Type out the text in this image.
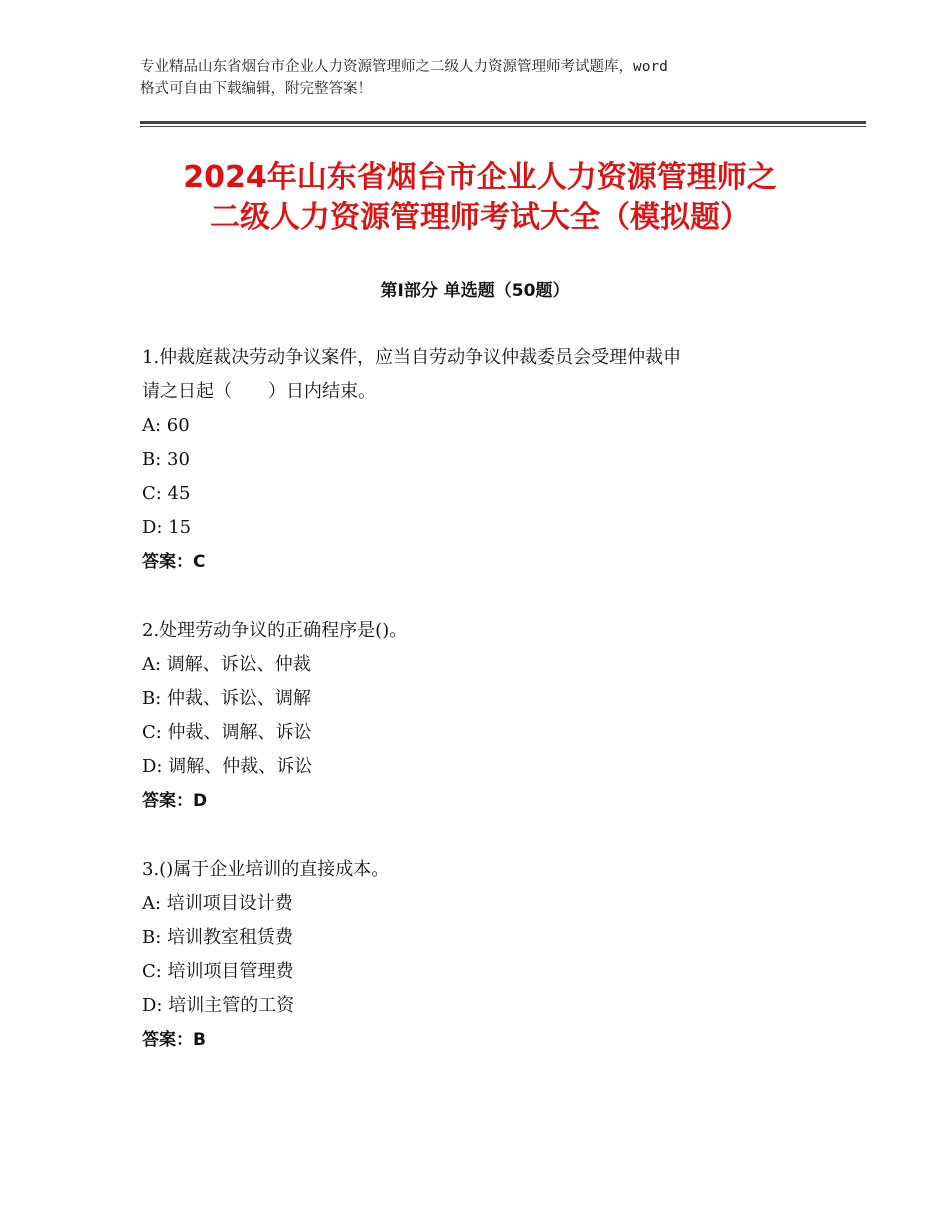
专业精品山东省烟台市企业人力资源管理师之二级人力资源管理师考试题库，word
格式可自由下载编辑，附完整答案！
2024年山东省烟台市企业人力资源管理师之
二级人力资源管理师考试大全（模拟题）
第Ⅰ部分 单选题（50题）
1.仲裁庭裁决劳动争议案件，应当自劳动争议仲裁委员会受理仲裁申
请之日起（　　）日内结束。
A: 60
B: 30
C: 45
D: 15
答案：C
2.处理劳动争议的正确程序是()。
A: 调解、诉讼、仲裁
B: 仲裁、诉讼、调解
C: 仲裁、调解、诉讼
D: 调解、仲裁、诉讼
答案：D
3.()属于企业培训的直接成本。
A: 培训项目设计费
B: 培训教室租赁费
C: 培训项目管理费
D: 培训主管的工资
答案：B
